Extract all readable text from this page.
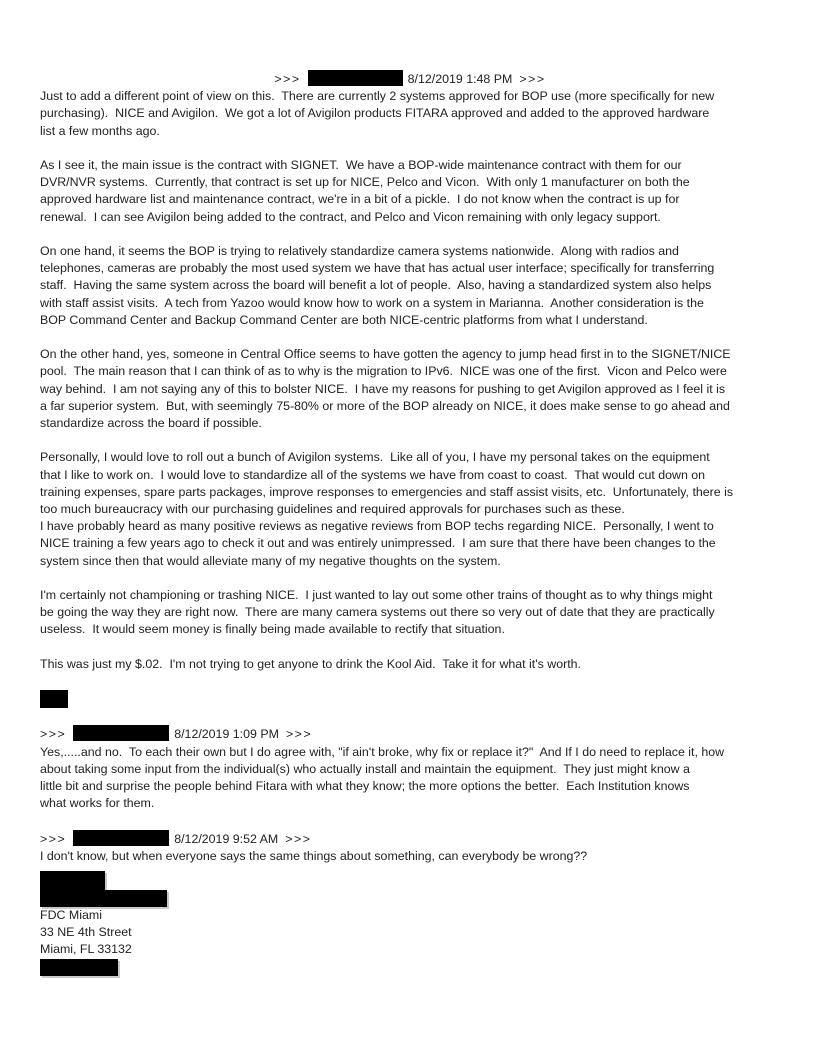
>>>	8/12/2019 1:48 PM >>>
Just to add a different point of view on this.  There are currently 2 systems approved for BOP use (more specifically for new
purchasing).  NICE and Avigilon.  We got a lot of Avigilon products FITARA approved and added to the approved hardware
list a few months ago.
As I see it, the main issue is the contract with SIGNET.  We have a BOP-wide maintenance contract with them for our
DVR/NVR systems.  Currently, that contract is set up for NICE, Pelco and Vicon.  With only 1 manufacturer on both the
approved hardware list and maintenance contract, we're in a bit of a pickle.  I do not know when the contract is up for
renewal.  I can see Avigilon being added to the contract, and Pelco and Vicon remaining with only legacy support.
On one hand, it seems the BOP is trying to relatively standardize camera systems nationwide.  Along with radios and
telephones, cameras are probably the most used system we have that has actual user interface; specifically for transferring
staff.  Having the same system across the board will benefit a lot of people.  Also, having a standardized system also helps
with staff assist visits.  A tech from Yazoo would know how to work on a system in Marianna.  Another consideration is the
BOP Command Center and Backup Command Center are both NICE-centric platforms from what I understand.
On the other hand, yes, someone in Central Office seems to have gotten the agency to jump head first in to the SIGNET/NICE
pool.  The main reason that I can think of as to why is the migration to IPv6.  NICE was one of the first.  Vicon and Pelco were
way behind.  I am not saying any of this to bolster NICE.  I have my reasons for pushing to get Avigilon approved as I feel it is
a far superior system.  But, with seemingly 75-80% or more of the BOP already on NICE, it does make sense to go ahead and
standardize across the board if possible.
Personally, I would love to roll out a bunch of Avigilon systems.  Like all of you, I have my personal takes on the equipment
that I like to work on.  I would love to standardize all of the systems we have from coast to coast.  That would cut down on
training expenses, spare parts packages, improve responses to emergencies and staff assist visits, etc.  Unfortunately, there is
too much bureaucracy with our purchasing guidelines and required approvals for purchases such as these.
I have probably heard as many positive reviews as negative reviews from BOP techs regarding NICE.  Personally, I went to
NICE training a few years ago to check it out and was entirely unimpressed.  I am sure that there have been changes to the
system since then that would alleviate many of my negative thoughts on the system.
I'm certainly not championing or trashing NICE.  I just wanted to lay out some other trains of thought as to why things might
be going the way they are right now.  There are many camera systems out there so very out of date that they are practically
useless.  It would seem money is finally being made available to rectify that situation.
This was just my $.02.  I'm not trying to get anyone to drink the Kool Aid.  Take it for what it's worth.
>>>	8/12/2019 1:09 PM >>>
Yes,.....and no.  To each their own but I do agree with, "if ain't broke, why fix or replace it?"  And If I do need to replace it, how
about taking some input from the individual(s) who actually install and maintain the equipment.  They just might know a
little bit and surprise the people behind Fitara with what they know; the more options the better.  Each Institution knows
what works for them.
>>>	8/12/2019 9:52 AM >>>
I don't know, but when everyone says the same things about something, can everybody be wrong??
FDC Miami
33 NE 4th Street
Miami, FL 33132
